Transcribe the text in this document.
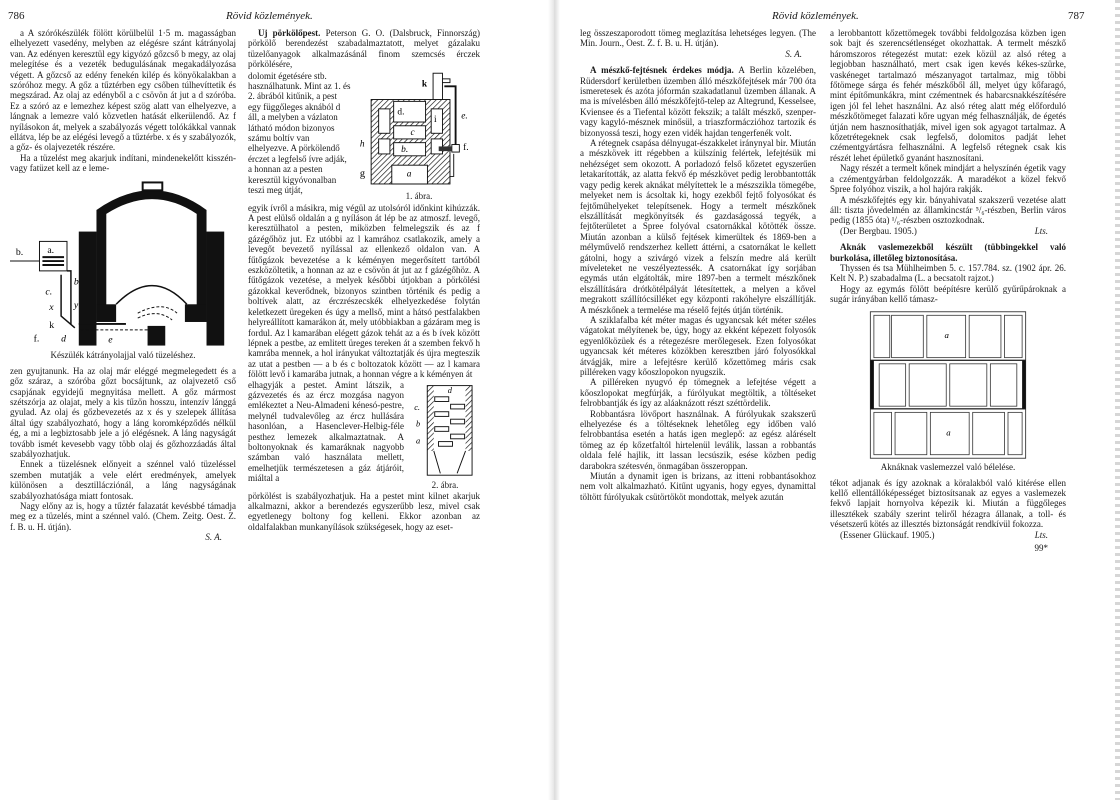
786	Rövid közlemények.

a A szórókészülék fölött körülbelül 1·5 m. magasságban elhelyezett vasedény, melyben az elégésre szánt kátrányolaj van. Az edényen keresztül egy kigyózó gőzcső b megy, az olaj melegítése és a vezeték bedugulásának megakadályozása végett. A gőzcső az edény fenekén kilép és könyökalakban a szóróhoz megy. A gőz a tűztérben egy csőben túlhevíttetik és megszárad. Az olaj az edényből a c csövön át jut a d szóróba. Ez a szóró az e lemezhez képest szög alatt van elhelyezve, a lángnak a lemezre való közvetlen hatását elkerülendő. Az f nyílásokon át, melyek a szabályozás végett tolókákkal vannak ellátva, lép be az elégési levegő a tűztérbe. x és y szabályozók, a gőz- és olajvezeték részére.

Ha a tüzelést meg akarjuk indítani, mindenekelőtt kisszén- vagy fatüzet kell az e leme-

b. a.
c.
b
x y
k
d
f.	e
Készülék kátrányolajjal való tüzeléshez.

zen gyujtanunk. Ha az olaj már eléggé megmelegedett és a gőz száraz, a szóróba gőzt bocsájtunk, az olajvezető cső csapjának egyidejű megnyitása mellett. A gőz mármost szétszórja az olajat, mely a kis tűzön hosszu, intenzív lánggá gyulad. Az olaj és gőzbevezetés az x és y szelepek állítása által úgy szabályozható, hogy a láng koromképződés nélkül ég, a mi a legbiztosabb jele a jó elégésnek. A láng nagyságát tovább ismét kevesebb vagy több olaj és gőzhozzáadás által szabályozhatjuk.

Ennek a tüzelésnek előnyeit a szénnel való tüzeléssel szemben mutatják a vele elért eredmények, amelyek különösen a desztillácziónál, a láng nagyságának szabályozhatósága miatt fontosak.

Nagy előny az is, hogy a tűztér falazatát kevésbbé támadja meg ez a tüzelés, mint a szénnel való. (Chem. Zeitg. Oest. Z. f. B. u. H. útján).

S. A.

Uj pörkölőpest. Peterson G. O. (Dalsbruck, Finnország) pörkölő berendezést szabadalmaztatott, melyet gázalaku tüzelőanyagok alkalmazásánál finom szemcsés érczek pörkölésére,

dolomit égetésére stb. használhatunk. Mint az 1. és 2. ábrából kitűnik, a pest egy függőleges aknából d áll, a melyben a vázlaton látható módon bizonyos számu boltív van elhelyezve. A pörkölendő érczet a legfelső ívre adják, a honnan az a pesten keresztül kigyóvonalban teszi meg útját,

k
d.
c
i e.
h
b.	f.
g	a
1. ábra.

egyik ívről a másikra, mig végül az utolsóról időnkint kihúzzák. A pest elülső oldalán a g nyíláson át lép be az atmoszf. levegő, keresztülhatol a pesten, miközben felmelegszik és az f gázégőhöz jut. Ez utóbbi az l kamrához csatlakozik, amely a levegőt bevezető nyílással az ellenkező oldalon van. A fűtőgázok bevezetése a k kéményen megerősített tartóból eszközöltetik, a honnan az az e csövön át jut az f gázégőhöz. A fűtőgázok vezetése, a melyek későbbi útjokban a pörkölési gázokkal keverődnek, bizonyos szintben történik és pedig a boltívek alatt, az érczrészecskék elhelyezkedése folytán keletkezett üregeken és úgy a mellső, mint a hátsó pestfalakben helyreállított kamarákon át, mely utóbbiakban a gázáram meg is fordul. Az l kamarában elégett gázok tehát az a és b ívek között lépnek a pestbe, az emlitett üreges tereken át a szemben fekvő h kamrába mennek, a hol irányukat változtatják és újra megteszik az utat a pestben — a b és c boltozatok között — az l kamara fölött levő i kamarába jutnak, a honnan végre a k kéményen át

elhagyják a pestet. Amint látszik, a gázvezetés és az ércz mozgása nagyon emlékeztet a Neu-Almadeni kénesó-pestre, melynél tudvalevőleg az ércz hullására hasonlóan, a Hasenclever-Helbig-féle pesthez lemezek alkalmaztatnak. A boltonyoknak és kamaráknak nagyobb számban való használata mellett, emelhetjük természetesen a gáz átjáróit, miáltal a

d
c.
b
a
2. ábra.

pörkölést is szabályozhatjuk. Ha a pestet mint kilnet akarjuk alkalmazni, akkor a berendezés egyszerűbb lesz, mivel csak egyetlenegy boltony fog kelleni. Ekkor azonban az oldalfalakban munkanyílások szükségesek, hogy az eset-

Rövid közlemények.	787

leg összeszaporodott tömeg meglazítása lehetséges legyen. (The Min. Journ., Oest. Z. f. B. u. H. útján).

S. A.

A mészkő-fejtésnek érdekes módja. A Berlin közelében, Rüdersdorf kerületben üzemben álló mészkőfejtések már 700 óta ismeretesek és azóta jóformán szakadatlanul üzemben állanak. A ma is mívelésben álló mészkőfejtő-telep az Altegrund, Kesselsee, Kviensee és a Tiefental között fekszik; a talált mészkő, szenper-vagy kagyló-mésznek minősül, a triaszformáczióhoz tartozik és bizonyossá teszi, hogy ezen vidék hajdan tengerfenék volt.

A rétegnek csapása délnyugat-északkelet iránynyal bir. Miután a mészkövek itt régebben a külszínig felértek, lefejtésük mi nehézséget sem okozott. A porladozó felső kőzetet egyszerűen letakarították, az alatta fekvő ép mészkövet pedig lerobbantották vagy pedig kerek aknákat mélyítettek le a mészszikla tömegébe, melyeket nem is ácsoltak ki, hogy ezekből fejtő folyosókat és fejtőműhelyeket telepítsenek. Hogy a termelt mészkőnek elszállítását megkönyítsék és gazdaságossá tegyék, a fejtőterületet a Spree folyóval csatornákkal kötötték össze. Miután azonban a külső fejtések kimerültek és 1869-ben a mélyművelő rendszerhez kellett áttérni, a csatornákat le kellett gátolni, hogy a szivárgó vizek a felszín medre alá került míveleteket ne veszélyeztessék. A csatornákat így sorjában egymás után elgátolták, mire 1897-ben a termelt mészkőnek elszállítására drótkötélpályát létesítettek, a melyen a kővel megrakott szállítócsilléket egy központi rakóhelyre elszállítják. A mészkőnek a termelése ma réselő fejtés útján történik.

A sziklafalba két méter magas és ugyancsak két méter széles vágatokat mélyítenek be, úgy, hogy az ekként képezett folyosók egyenlőközüek és a rétegezésre merőlegesek. Ezen folyosókat ugyancsak két méteres közökben keresztben járó folyosókkal átvágják, mire a lefejtésre kerülő kőzettömeg máris csak pilléreken vagy kőoszlopokon nyugszik.

A pilléreken nyugvó ép tömegnek a lefejtése végett a kőoszlopokat megfúrják, a fúrólyukat megtöltik, a töltéseket felrobbantják és így az aláaknázott részt széttördelik.

Robbantásra lövőport használnak. A fúrólyukak szakszerű elhelyezése és a töltéseknek lehetőleg egy időben való felrobbantása esetén a hatás igen meglepő: az egész aláréselt tömeg az ép kőzetfaltól hirtelenül leválik, lassan a robbantás oldala felé hajlik, itt lassan lecsúszik, esése közben pedig darabokra szétesvén, önmagában összeroppan.

Miután a dynamit igen is brizans, az itteni robbantásokhoz nem volt alkalmazható. Kitűnt ugyanis, hogy egyes, dynamittal töltött fúrólyukak csütörtököt mondottak, melyek azután

a lerobbantott kőzettömegek további feldolgozása közben igen sok bajt és szerencsétlenséget okozhattak. A termelt mészkő háromszoros rétegezést mutat: ezek közül az alsó réteg a legjobban használható, mert csak igen kevés kékes-szürke, vaskéneget tartalmazó mészanyagot tartalmaz, mig többi főtömege sárga és fehér mészkőből áll, melyet úgy kőfaragó, mint építőmunkákra, mint czémentnek és habarcsnakkészítésére igen jól fel lehet használni. Az alsó réteg alatt még előforduló mészkőtömeget falazati kőre ugyan még felhasználják, de égetés útján nem hasznosíthatják, mivel igen sok agyagot tartalmaz. A kőzetrétegeknek csak legfelső, dolomitos padját lehet czémentgyártásra felhasználni. A legfelső rétegnek csak kis részét lehet épületkő gyanánt hasznosítani.

Nagy részét a termelt kőnek mindjárt a helyszínén égetik vagy a czémentgyárban feldolgozzák. A maradékot a közel fekvő Spree folyóhoz viszik, a hol hajóra rakják.

A mészkőfejtés egy kir. bányahivatal szakszerű vezetése alatt áll: tiszta jövedelmén az államkincstár ⁵/₆-részben, Berlin város pedig (1855 óta) ¹/₆-részben osztozkodnak.

(Der Bergbau. 1905.)	Lts.

Aknák vaslemezekből készült (tübbingekkel való burkolása, illetőleg biztonosítása.

Thyssen és tsa Mühlheimben 5. c. 157.784. sz. (1902 ápr. 26. Kelt N. P.) szabadalma (L. a becsatolt rajzot.)

Hogy az egymás fölött beépítésre kerülő gyűrűpároknak a sugár irányában kellő támasz-

a
a
Aknáknak vaslemezzel való bélelése.

tékot adjanak és így azoknak a köralakból való kitérése ellen kellő ellentállóképességet biztosítsanak az egyes a vaslemezek fekvő lapjait hornyolva képezik ki. Miután a függőleges illesztékek szabály szerint teliről hézagra állanak, a toll- és vésetszerű kötés az illesztés biztonságát rendkívül fokozza.

(Essener Glückauf. 1905.)	Lts.

99*
